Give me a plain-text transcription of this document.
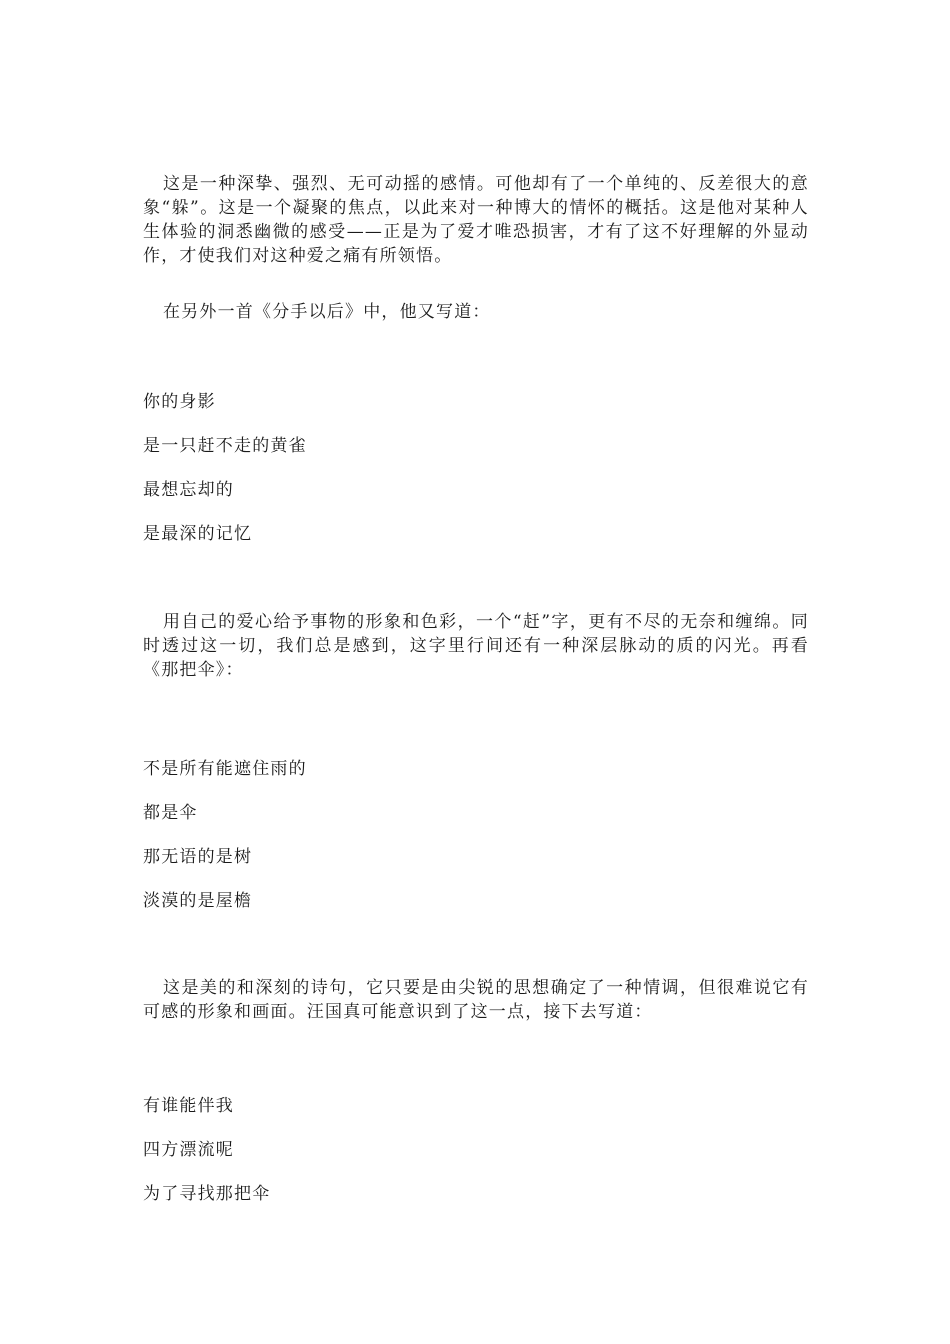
这是一种深挚、强烈、无可动摇的感情。可他却有了一个单纯的、反差很大的意象“躲”。这是一个凝聚的焦点，以此来对一种博大的情怀的概括。这是他对某种人生体验的洞悉幽微的感受——正是为了爱才唯恐损害，才有了这不好理解的外显动作，才使我们对这种爱之痛有所领悟。

在另外一首《分手以后》中，他又写道：

你的身影

是一只赶不走的黄雀

最想忘却的

是最深的记忆

用自己的爱心给予事物的形象和色彩，一个“赶”字，更有不尽的无奈和缠绵。同时透过这一切，我们总是感到，这字里行间还有一种深层脉动的质的闪光。再看《那把伞》：

不是所有能遮住雨的

都是伞

那无语的是树

淡漠的是屋檐

这是美的和深刻的诗句，它只要是由尖锐的思想确定了一种情调，但很难说它有可感的形象和画面。汪国真可能意识到了这一点，接下去写道：

有谁能伴我

四方漂流呢

为了寻找那把伞
